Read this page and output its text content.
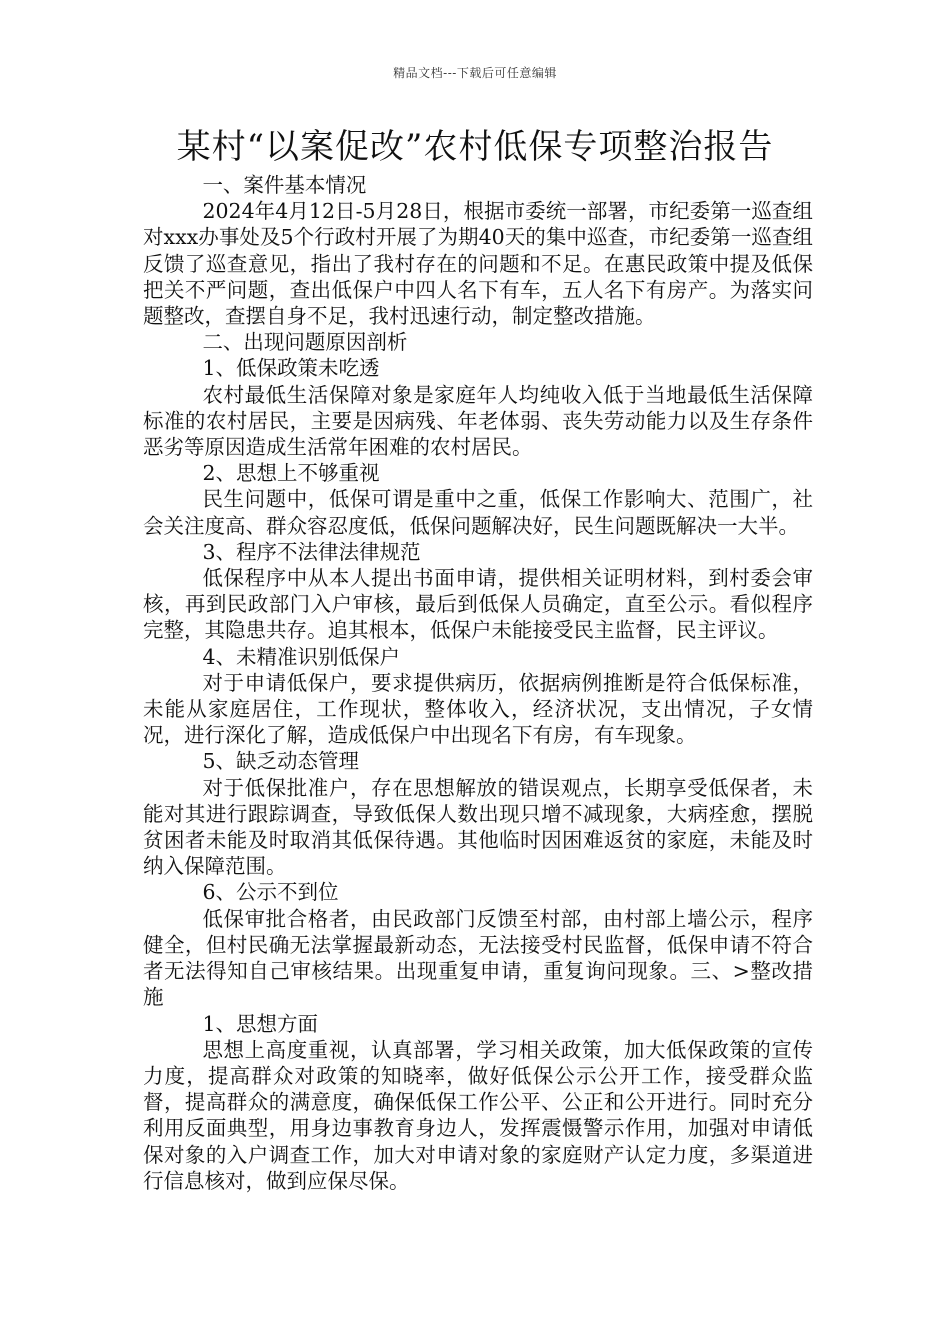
精品文档---下载后可任意编辑
某村“以案促改”农村低保专项整治报告

一、案件基本情况

2024年4月12日-5月28日，根据市委统一部署，市纪委第一巡查组对xxx办事处及5个行政村开展了为期40天的集中巡查，市纪委第一巡查组反馈了巡查意见，指出了我村存在的问题和不足。在惠民政策中提及低保把关不严问题，查出低保户中四人名下有车，五人名下有房产。为落实问题整改，查摆自身不足，我村迅速行动，制定整改措施。

二、出现问题原因剖析

1、低保政策未吃透

农村最低生活保障对象是家庭年人均纯收入低于当地最低生活保障标准的农村居民，主要是因病残、年老体弱、丧失劳动能力以及生存条件恶劣等原因造成生活常年困难的农村居民。

2、思想上不够重视

民生问题中，低保可谓是重中之重，低保工作影响大、范围广，社会关注度高、群众容忍度低，低保问题解决好，民生问题既解决一大半。

3、程序不法律法律规范

低保程序中从本人提出书面申请，提供相关证明材料，到村委会审核，再到民政部门入户审核，最后到低保人员确定，直至公示。看似程序完整，其隐患共存。追其根本，低保户未能接受民主监督，民主评议。

4、未精准识别低保户

对于申请低保户，要求提供病历，依据病例推断是符合低保标准，未能从家庭居住，工作现状，整体收入，经济状况，支出情况，子女情况，进行深化了解，造成低保户中出现名下有房，有车现象。

5、缺乏动态管理

对于低保批准户，存在思想解放的错误观点，长期享受低保者，未能对其进行跟踪调查，导致低保人数出现只增不减现象，大病痊愈，摆脱贫困者未能及时取消其低保待遇。其他临时因困难返贫的家庭，未能及时纳入保障范围。

6、公示不到位

低保审批合格者，由民政部门反馈至村部，由村部上墙公示，程序健全，但村民确无法掌握最新动态，无法接受村民监督，低保申请不符合者无法得知自己审核结果。出现重复申请，重复询问现象。三、>整改措施

1、思想方面

思想上高度重视，认真部署，学习相关政策，加大低保政策的宣传力度，提高群众对政策的知晓率，做好低保公示公开工作，接受群众监督，提高群众的满意度，确保低保工作公平、公正和公开进行。同时充分利用反面典型，用身边事教育身边人，发挥震慑警示作用，加强对申请低保对象的入户调查工作，加大对申请对象的家庭财产认定力度，多渠道进行信息核对，做到应保尽保。
